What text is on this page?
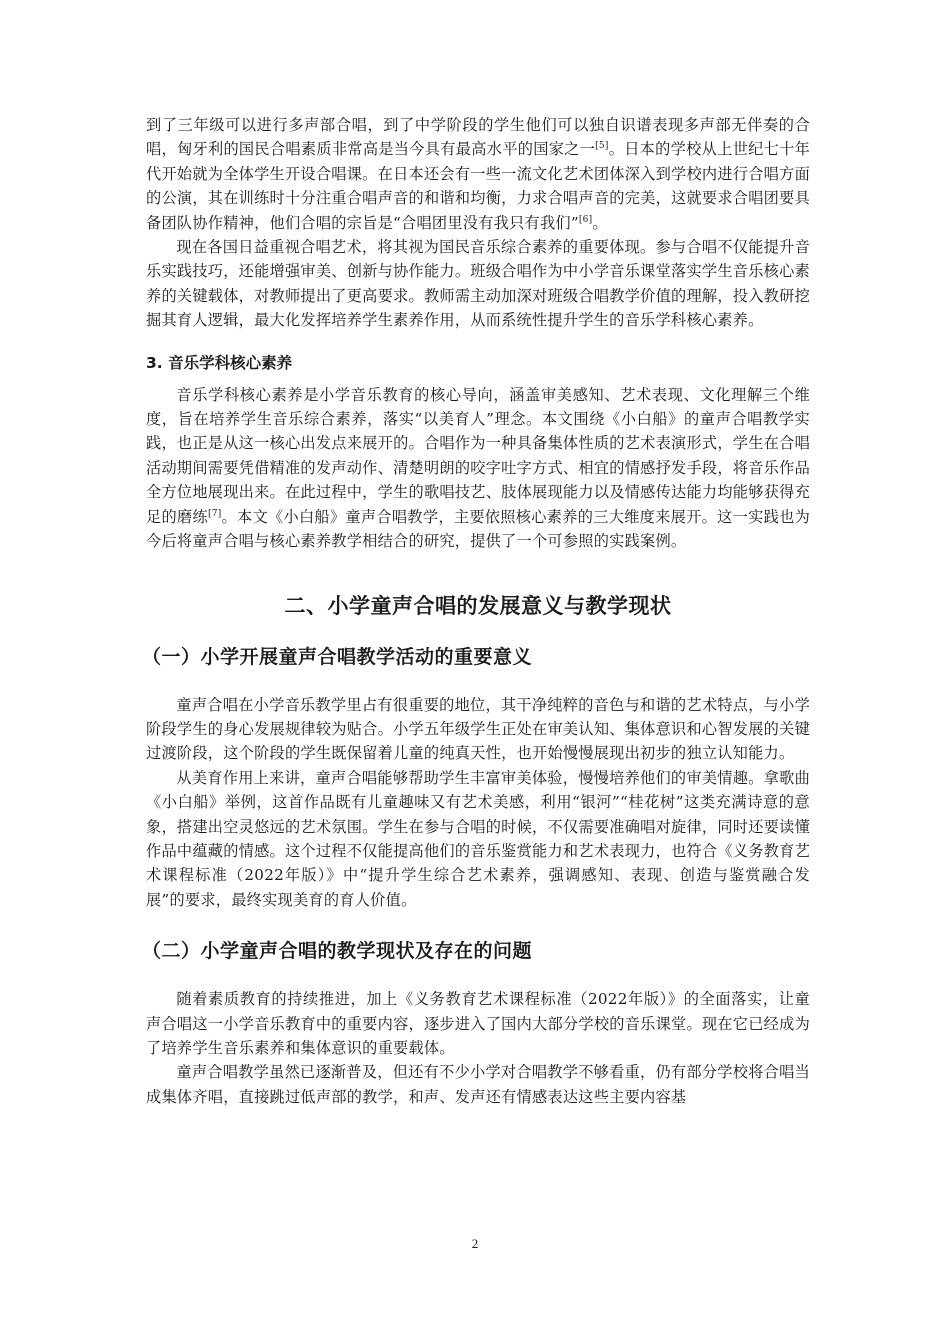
到了三年级可以进行多声部合唱，到了中学阶段的学生他们可以独自识谱表现多声部无伴奏的合唱，匈牙利的国民合唱素质非常高是当今具有最高水平的国家之一[5]。日本的学校从上世纪七十年代开始就为全体学生开设合唱课。在日本还会有一些一流文化艺术团体深入到学校内进行合唱方面的公演，其在训练时十分注重合唱声音的和谐和均衡，力求合唱声音的完美，这就要求合唱团要具备团队协作精神，他们合唱的宗旨是“合唱团里没有我只有我们”[6]。

现在各国日益重视合唱艺术，将其视为国民音乐综合素养的重要体现。参与合唱不仅能提升音乐实践技巧，还能增强审美、创新与协作能力。班级合唱作为中小学音乐课堂落实学生音乐核心素养的关键载体，对教师提出了更高要求。教师需主动加深对班级合唱教学价值的理解，投入教研挖掘其育人逻辑，最大化发挥培养学生素养作用，从而系统性提升学生的音乐学科核心素养。

3. 音乐学科核心素养

音乐学科核心素养是小学音乐教育的核心导向，涵盖审美感知、艺术表现、文化理解三个维度，旨在培养学生音乐综合素养，落实“以美育人”理念。本文围绕《小白船》的童声合唱教学实践，也正是从这一核心出发点来展开的。合唱作为一种具备集体性质的艺术表演形式，学生在合唱活动期间需要凭借精准的发声动作、清楚明朗的咬字吐字方式、相宜的情感抒发手段，将音乐作品全方位地展现出来。在此过程中，学生的歌唱技艺、肢体展现能力以及情感传达能力均能够获得充足的磨练[7]。本文《小白船》童声合唱教学，主要依照核心素养的三大维度来展开。这一实践也为今后将童声合唱与核心素养教学相结合的研究，提供了一个可参照的实践案例。

二、小学童声合唱的发展意义与教学现状
（一）小学开展童声合唱教学活动的重要意义

童声合唱在小学音乐教学里占有很重要的地位，其干净纯粹的音色与和谐的艺术特点，与小学阶段学生的身心发展规律较为贴合。小学五年级学生正处在审美认知、集体意识和心智发展的关键过渡阶段，这个阶段的学生既保留着儿童的纯真天性，也开始慢慢展现出初步的独立认知能力。

从美育作用上来讲，童声合唱能够帮助学生丰富审美体验，慢慢培养他们的审美情趣。拿歌曲《小白船》举例，这首作品既有儿童趣味又有艺术美感，利用“银河”“桂花树”这类充满诗意的意象，搭建出空灵悠远的艺术氛围。学生在参与合唱的时候，不仅需要准确唱对旋律，同时还要读懂作品中蕴藏的情感。这个过程不仅能提高他们的音乐鉴赏能力和艺术表现力，也符合《义务教育艺术课程标准（2022年版）》中“提升学生综合艺术素养，强调感知、表现、创造与鉴赏融合发展”的要求，最终实现美育的育人价值。

（二）小学童声合唱的教学现状及存在的问题

随着素质教育的持续推进，加上《义务教育艺术课程标准（2022年版）》的全面落实，让童声合唱这一小学音乐教育中的重要内容，逐步进入了国内大部分学校的音乐课堂。现在它已经成为了培养学生音乐素养和集体意识的重要载体。

童声合唱教学虽然已逐渐普及，但还有不少小学对合唱教学不够看重，仍有部分学校将合唱当成集体齐唱，直接跳过低声部的教学，和声、发声还有情感表达这些主要内容基

2
